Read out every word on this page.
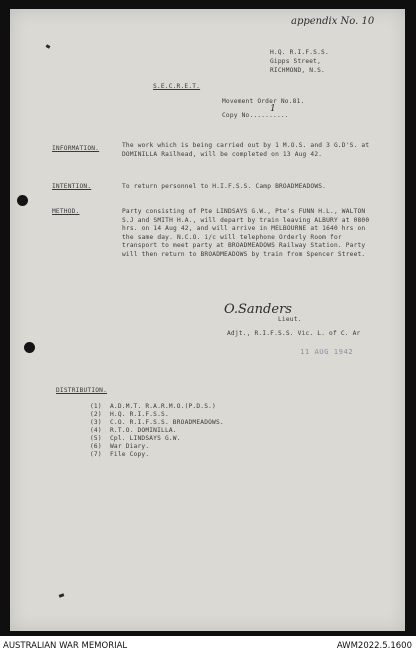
appendix No. 10
H.Q. R.I.F.S.S.
Gipps Street,
RICHMOND, N.S.
S.E.C.R.E.T.
Movement Order No.81.
Copy No..........
1
INFORMATION.	The work which is being carried out by 1 M.O.S. and 3 G.D'S. at DOMINILLA Railhead, will be completed on 13 Aug 42.
INTENTION.	To return personnel to H.I.F.S.S. Camp BROADMEADOWS.
METHOD.	Party consisting of Pte LINDSAYS G.W., Pte's FUNN H.L., WALTON S.J and SMITH H.A., will depart by train leaving ALBURY at 0800 hrs. on 14 Aug 42, and will arrive in MELBOURNE at 1640 hrs on the same day. N.C.O. i/c will telephone Orderly Room for transport to meet party at BROADMEADOWS Railway Station. Party will then return to BROADMEADOWS by train from Spencer Street.
O.Sanders
Lieut.
Adjt., R.I.F.S.S. Vic. L. of C. Ar
11 AUG 1942
DISTRIBUTION.
(1) A.D.M.T. R.A.R.M.O.(P.D.S.)
(2) H.Q. R.I.F.S.S.
(3) C.O. R.I.F.S.S. BROADMEADOWS.
(4) R.T.O. DOMINILLA.
(5) Cpl. LINDSAYS G.W.
(6) War Diary.
(7) File Copy.
AUSTRALIAN WAR MEMORIAL	AWM2022.5.1600
